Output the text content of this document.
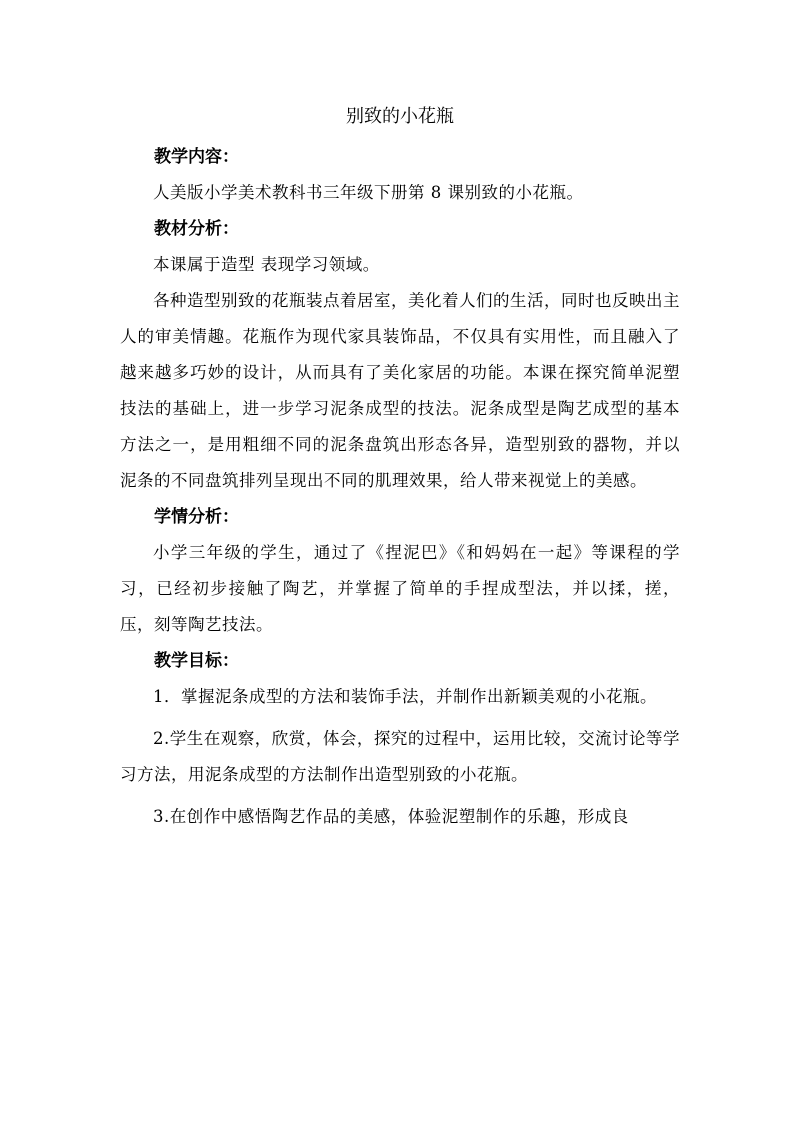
别致的小花瓶

教学内容：

人美版小学美术教科书三年级下册第 8 课别致的小花瓶。

教材分析：

本课属于造型 表现学习领域。

各种造型别致的花瓶装点着居室，美化着人们的生活，同时也反映出主人的审美情趣。花瓶作为现代家具装饰品，不仅具有实用性，而且融入了越来越多巧妙的设计，从而具有了美化家居的功能。本课在探究简单泥塑技法的基础上，进一步学习泥条成型的技法。泥条成型是陶艺成型的基本方法之一，是用粗细不同的泥条盘筑出形态各异，造型别致的器物，并以泥条的不同盘筑排列呈现出不同的肌理效果，给人带来视觉上的美感。

学情分析：

小学三年级的学生，通过了《捏泥巴》《和妈妈在一起》等课程的学习，已经初步接触了陶艺，并掌握了简单的手捏成型法，并以揉，搓，压，刻等陶艺技法。

教学目标：

1．掌握泥条成型的方法和装饰手法，并制作出新颖美观的小花瓶。

2.学生在观察，欣赏，体会，探究的过程中，运用比较，交流讨论等学习方法，用泥条成型的方法制作出造型别致的小花瓶。

3.在创作中感悟陶艺作品的美感，体验泥塑制作的乐趣，形成良
